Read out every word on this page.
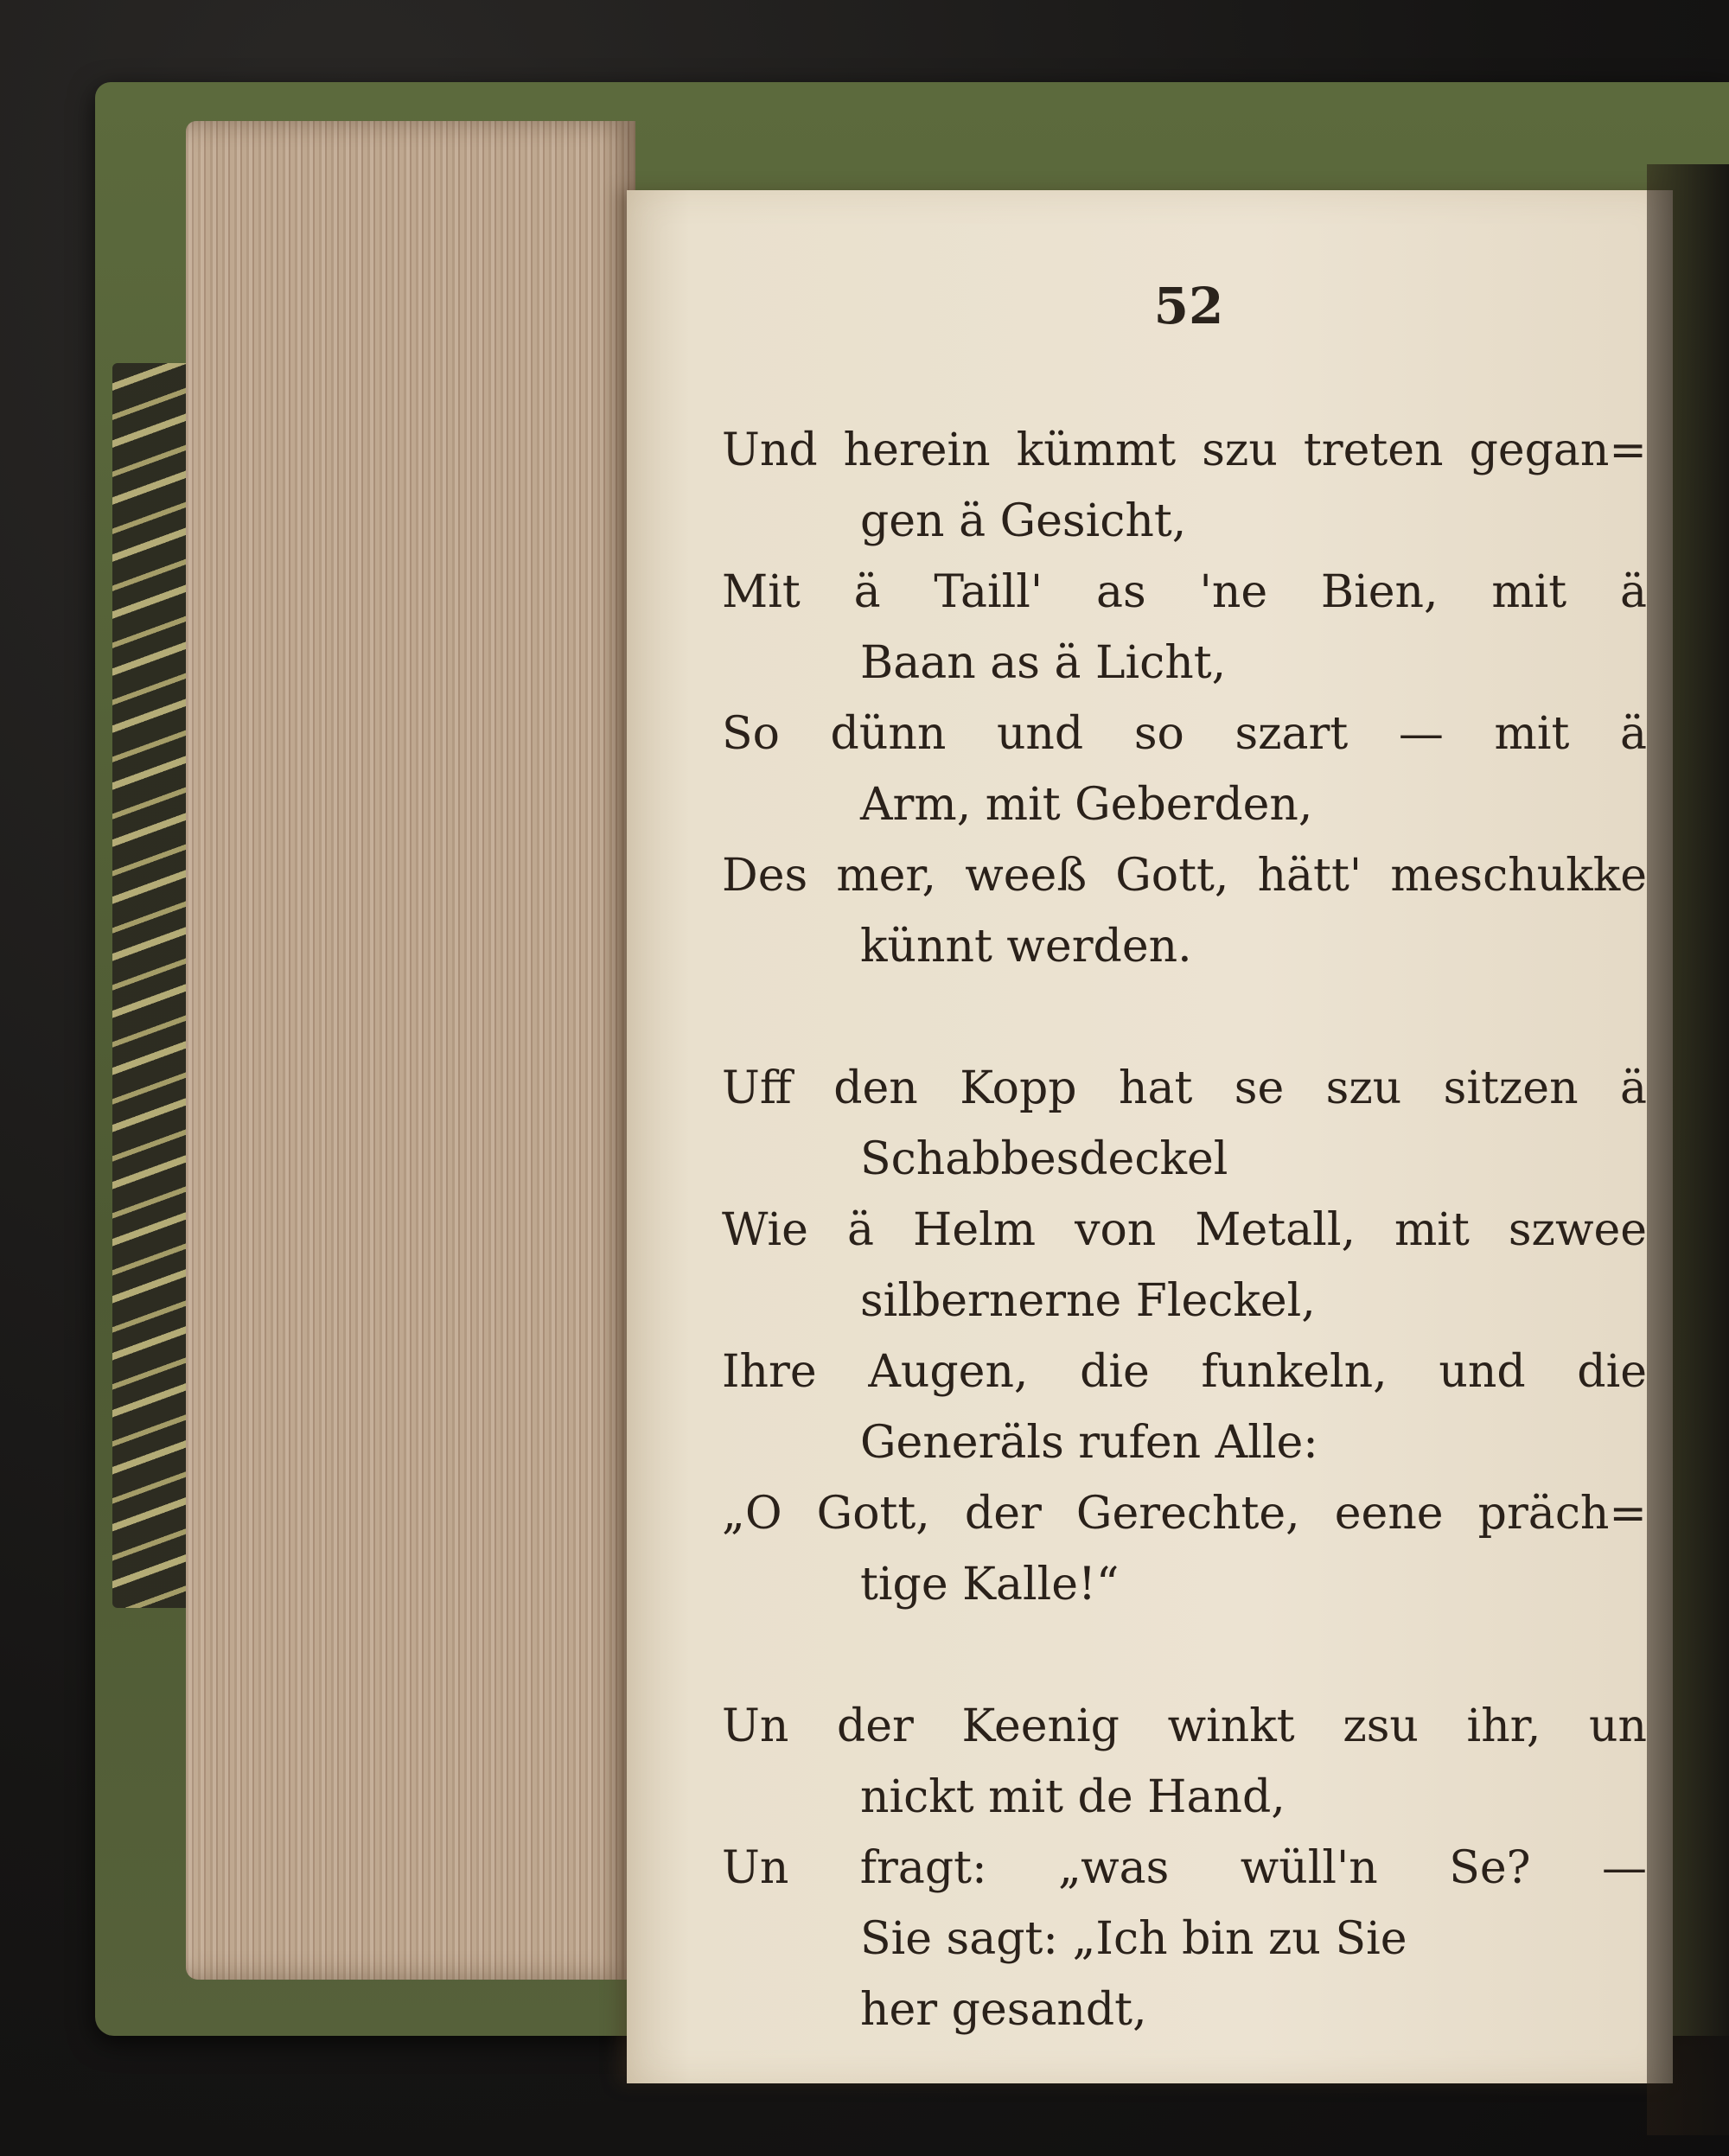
52
Und herein kümmt szu treten gegan=
gen ä Gesicht,
Mit ä Taill' as 'ne Bien, mit ä
Baan as ä Licht,
So dünn und so szart — mit ä
Arm, mit Geberden,
Des mer, weeß Gott, hätt' meschukke
künnt werden.
Uff den Kopp hat se szu sitzen ä
Schabbesdeckel
Wie ä Helm von Metall, mit szwee
silbernerne Fleckel,
Ihre Augen, die funkeln, und die
Generäls rufen Alle:
„O Gott, der Gerechte, eene präch=
tige Kalle!“
Un der Keenig winkt zsu ihr, un
nickt mit de Hand,
Un fragt: „was wüll'n Se? —
Sie sagt: „Ich bin zu Sie
her gesandt,
